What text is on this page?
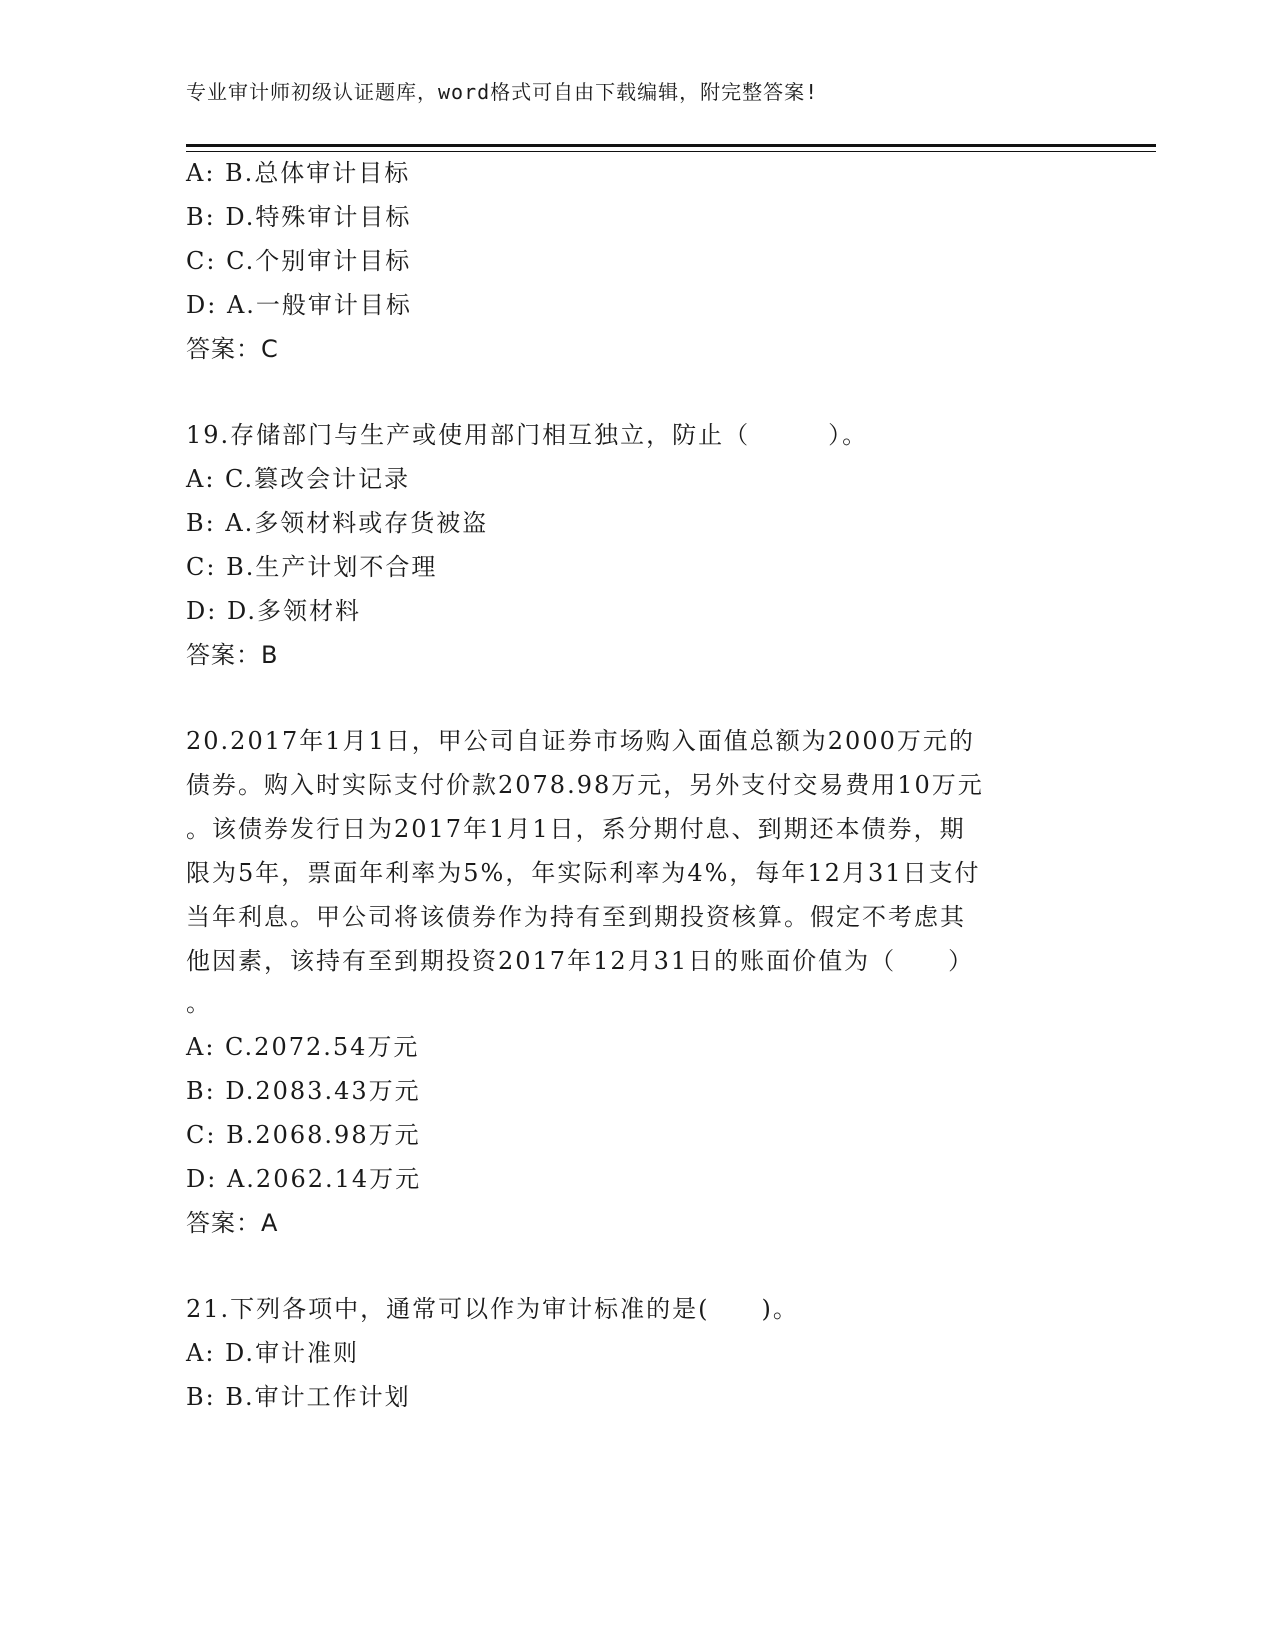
专业审计师初级认证题库，word格式可自由下载编辑，附完整答案!
A: B.总体审计目标
B: D.特殊审计目标
C: C.个别审计目标
D: A.一般审计目标
答案：C
19.存储部门与生产或使用部门相互独立，防止（　　　）。
A: C.篡改会计记录
B: A.多领材料或存货被盗
C: B.生产计划不合理
D: D.多领材料
答案：B
20.2017年1月1日，甲公司自证券市场购入面值总额为2000万元的
债券。购入时实际支付价款2078.98万元，另外支付交易费用10万元
。该债券发行日为2017年1月1日，系分期付息、到期还本债券，期
限为5年，票面年利率为5%，年实际利率为4%，每年12月31日支付
当年利息。甲公司将该债券作为持有至到期投资核算。假定不考虑其
他因素，该持有至到期投资2017年12月31日的账面价值为（　　）
。
A: C.2072.54万元
B: D.2083.43万元
C: B.2068.98万元
D: A.2062.14万元
答案：A
21.下列各项中，通常可以作为审计标准的是(　　)。
A: D.审计准则
B: B.审计工作计划
